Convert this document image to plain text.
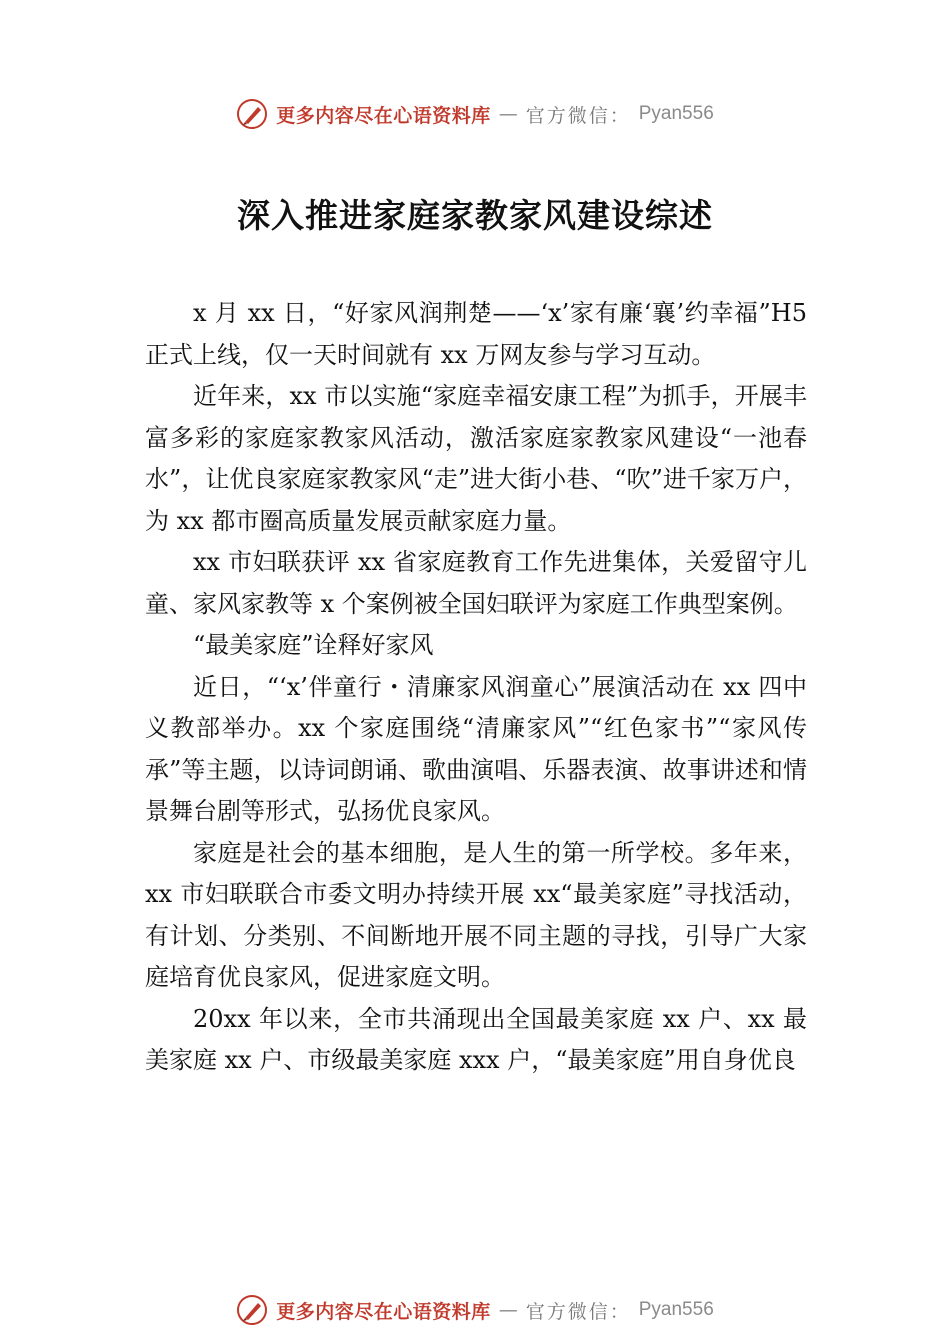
更多内容尽在心语资料库 — 官方微信： Pyan556
深入推进家庭家教家风建设综述

x 月 xx 日，“好家风润荆楚——‘x’家有廉‘襄’约幸福”H5 正式上线，仅一天时间就有 xx 万网友参与学习互动。

近年来，xx 市以实施“家庭幸福安康工程”为抓手，开展丰富多彩的家庭家教家风活动，激活家庭家教家风建设“一池春水”，让优良家庭家教家风“走”进大街小巷、“吹”进千家万户，为 xx 都市圈高质量发展贡献家庭力量。

xx 市妇联获评 xx 省家庭教育工作先进集体，关爱留守儿童、家风家教等 x 个案例被全国妇联评为家庭工作典型案例。

“最美家庭”诠释好家风

近日，“‘x’伴童行・清廉家风润童心”展演活动在 xx 四中义教部举办。xx 个家庭围绕“清廉家风”“红色家书”“家风传承”等主题，以诗词朗诵、歌曲演唱、乐器表演、故事讲述和情景舞台剧等形式，弘扬优良家风。

家庭是社会的基本细胞，是人生的第一所学校。多年来，xx 市妇联联合市委文明办持续开展 xx“最美家庭”寻找活动，有计划、分类别、不间断地开展不同主题的寻找，引导广大家庭培育优良家风，促进家庭文明。

20xx 年以来，全市共涌现出全国最美家庭 xx 户、xx 最美家庭 xx 户、市级最美家庭 xxx 户，“最美家庭”用自身优良

更多内容尽在心语资料库 — 官方微信： Pyan556
